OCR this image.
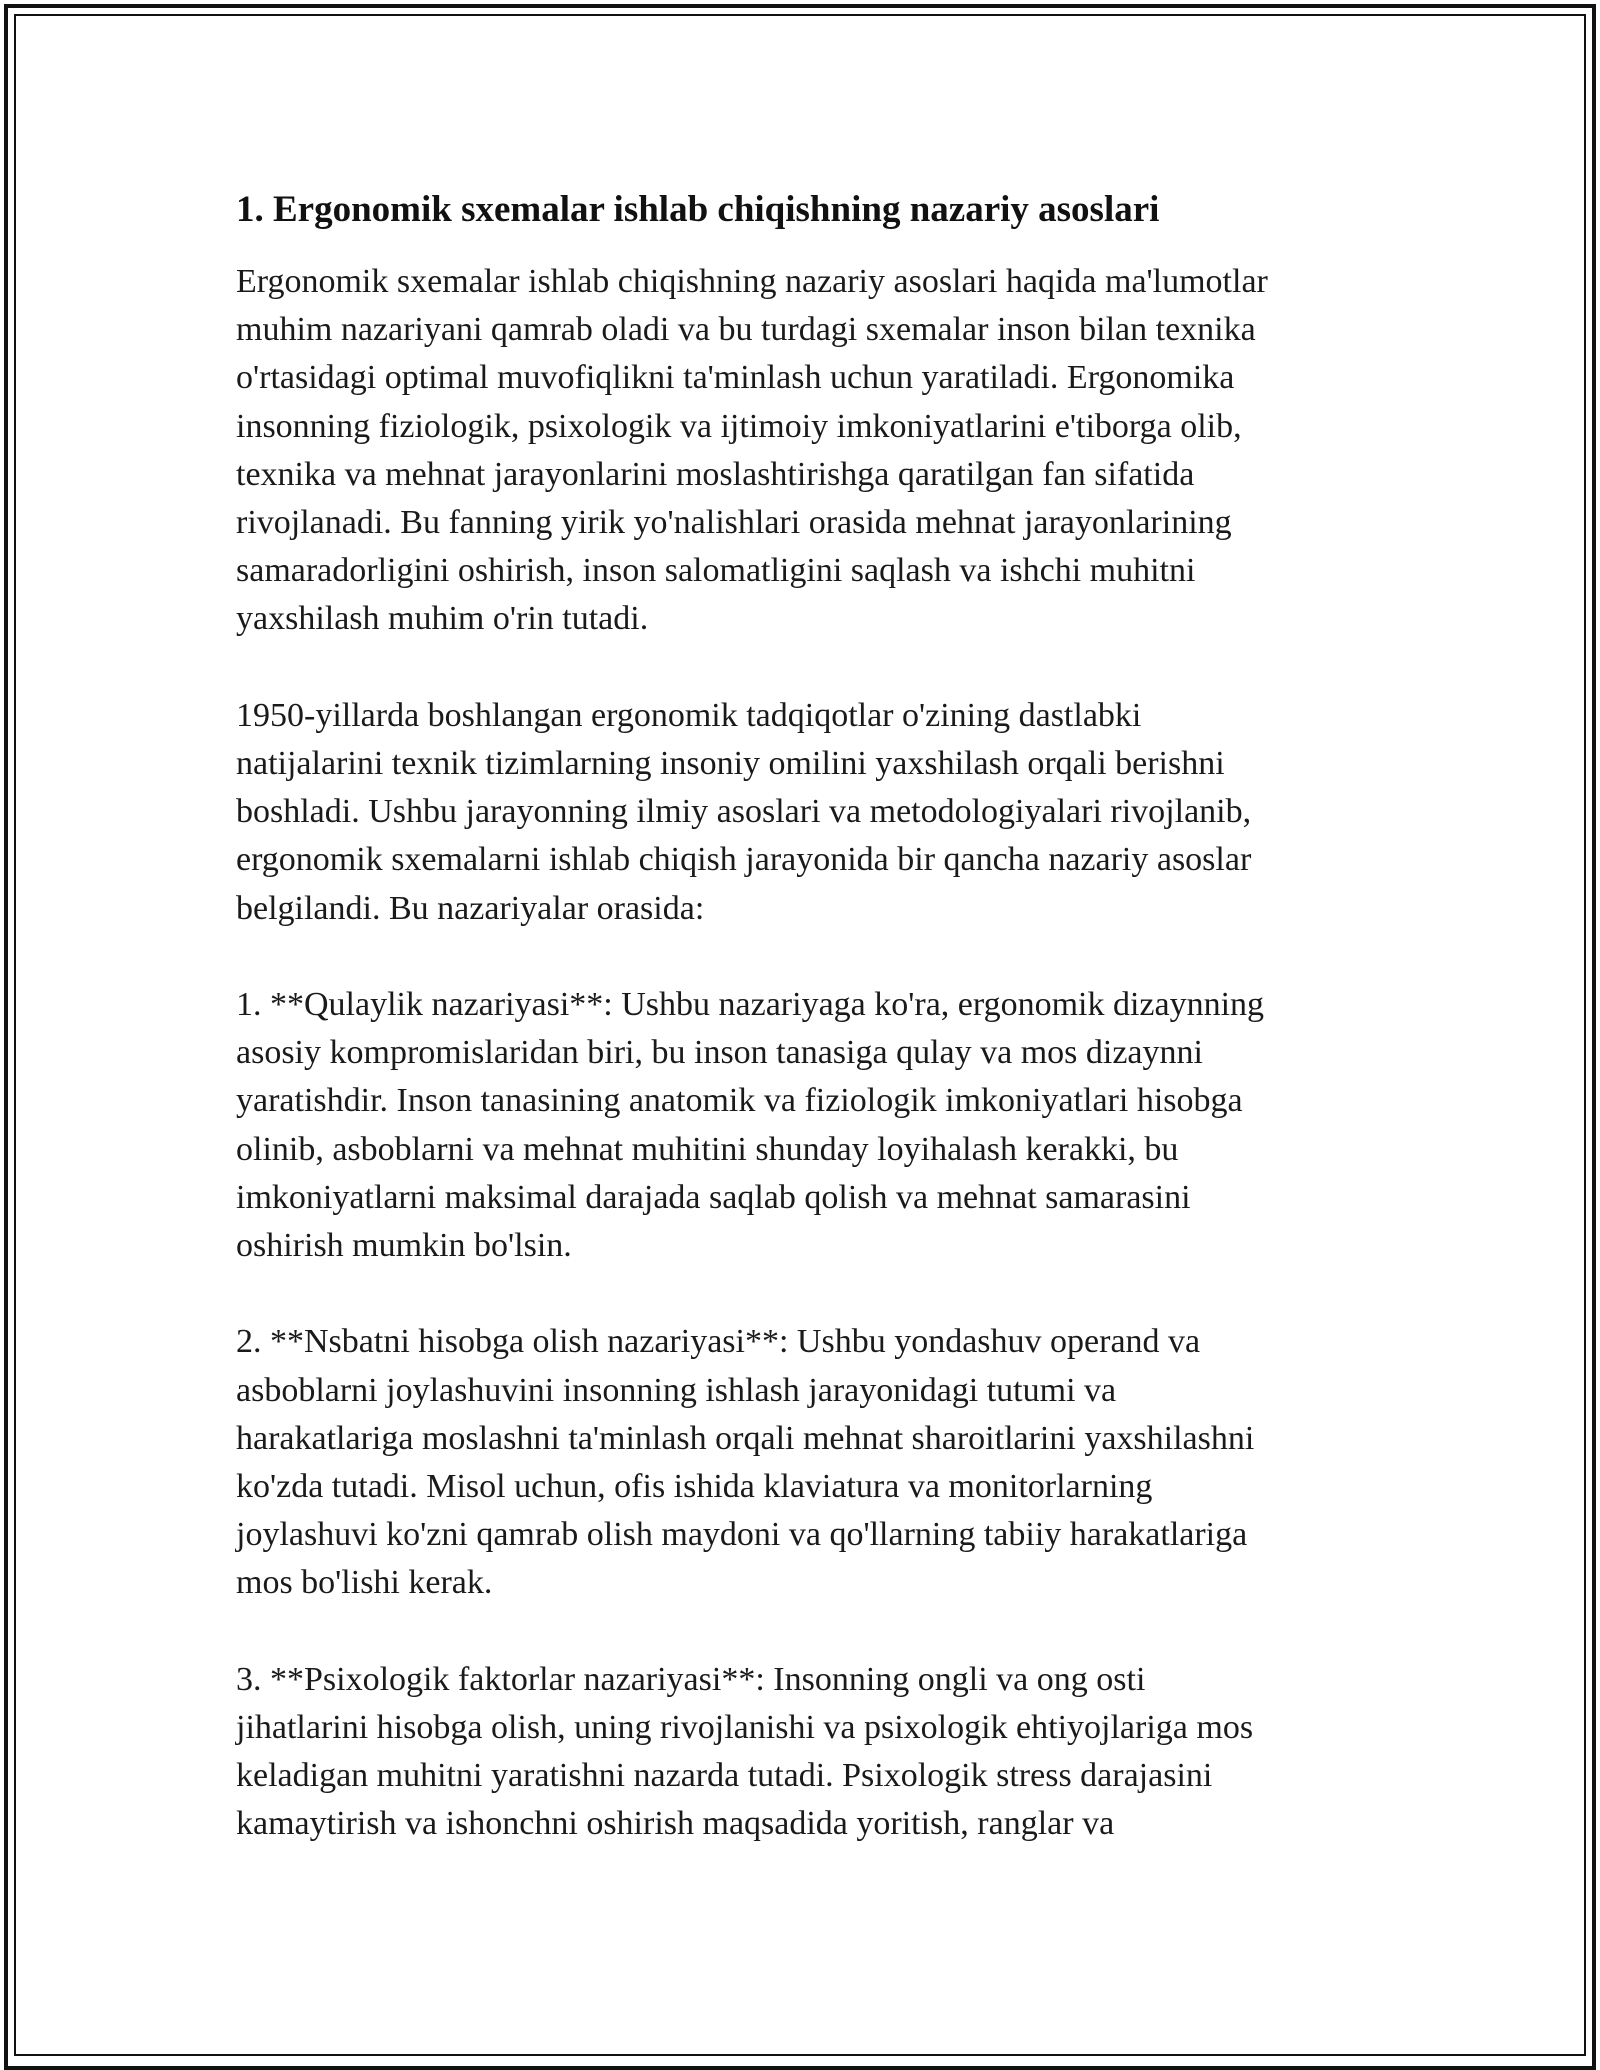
1. Ergonomik sxemalar ishlab chiqishning nazariy asoslari

Ergonomik sxemalar ishlab chiqishning nazariy asoslari haqida ma'lumotlar
muhim nazariyani qamrab oladi va bu turdagi sxemalar inson bilan texnika
o'rtasidagi optimal muvofiqlikni ta'minlash uchun yaratiladi. Ergonomika
insonning fiziologik, psixologik va ijtimoiy imkoniyatlarini e'tiborga olib,
texnika va mehnat jarayonlarini moslashtirishga qaratilgan fan sifatida
rivojlanadi. Bu fanning yirik yo'nalishlari orasida mehnat jarayonlarining
samaradorligini oshirish, inson salomatligini saqlash va ishchi muhitni
yaxshilash muhim o'rin tutadi.

1950-yillarda boshlangan ergonomik tadqiqotlar o'zining dastlabki
natijalarini texnik tizimlarning insoniy omilini yaxshilash orqali berishni
boshladi. Ushbu jarayonning ilmiy asoslari va metodologiyalari rivojlanib,
ergonomik sxemalarni ishlab chiqish jarayonida bir qancha nazariy asoslar
belgilandi. Bu nazariyalar orasida:

1. **Qulaylik nazariyasi**: Ushbu nazariyaga ko'ra, ergonomik dizaynning
asosiy kompromislaridan biri, bu inson tanasiga qulay va mos dizaynni
yaratishdir. Inson tanasining anatomik va fiziologik imkoniyatlari hisobga
olinib, asboblarni va mehnat muhitini shunday loyihalash kerakki, bu
imkoniyatlarni maksimal darajada saqlab qolish va mehnat samarasini
oshirish mumkin bo'lsin.

2. **Nsbatni hisobga olish nazariyasi**: Ushbu yondashuv operand va
asboblarni joylashuvini insonning ishlash jarayonidagi tutumi va
harakatlariga moslashni ta'minlash orqali mehnat sharoitlarini yaxshilashni
ko'zda tutadi. Misol uchun, ofis ishida klaviatura va monitorlarning
joylashuvi ko'zni qamrab olish maydoni va qo'llarning tabiiy harakatlariga
mos bo'lishi kerak.

3. **Psixologik faktorlar nazariyasi**: Insonning ongli va ong osti
jihatlarini hisobga olish, uning rivojlanishi va psixologik ehtiyojlariga mos
keladigan muhitni yaratishni nazarda tutadi. Psixologik stress darajasini
kamaytirish va ishonchni oshirish maqsadida yoritish, ranglar va
